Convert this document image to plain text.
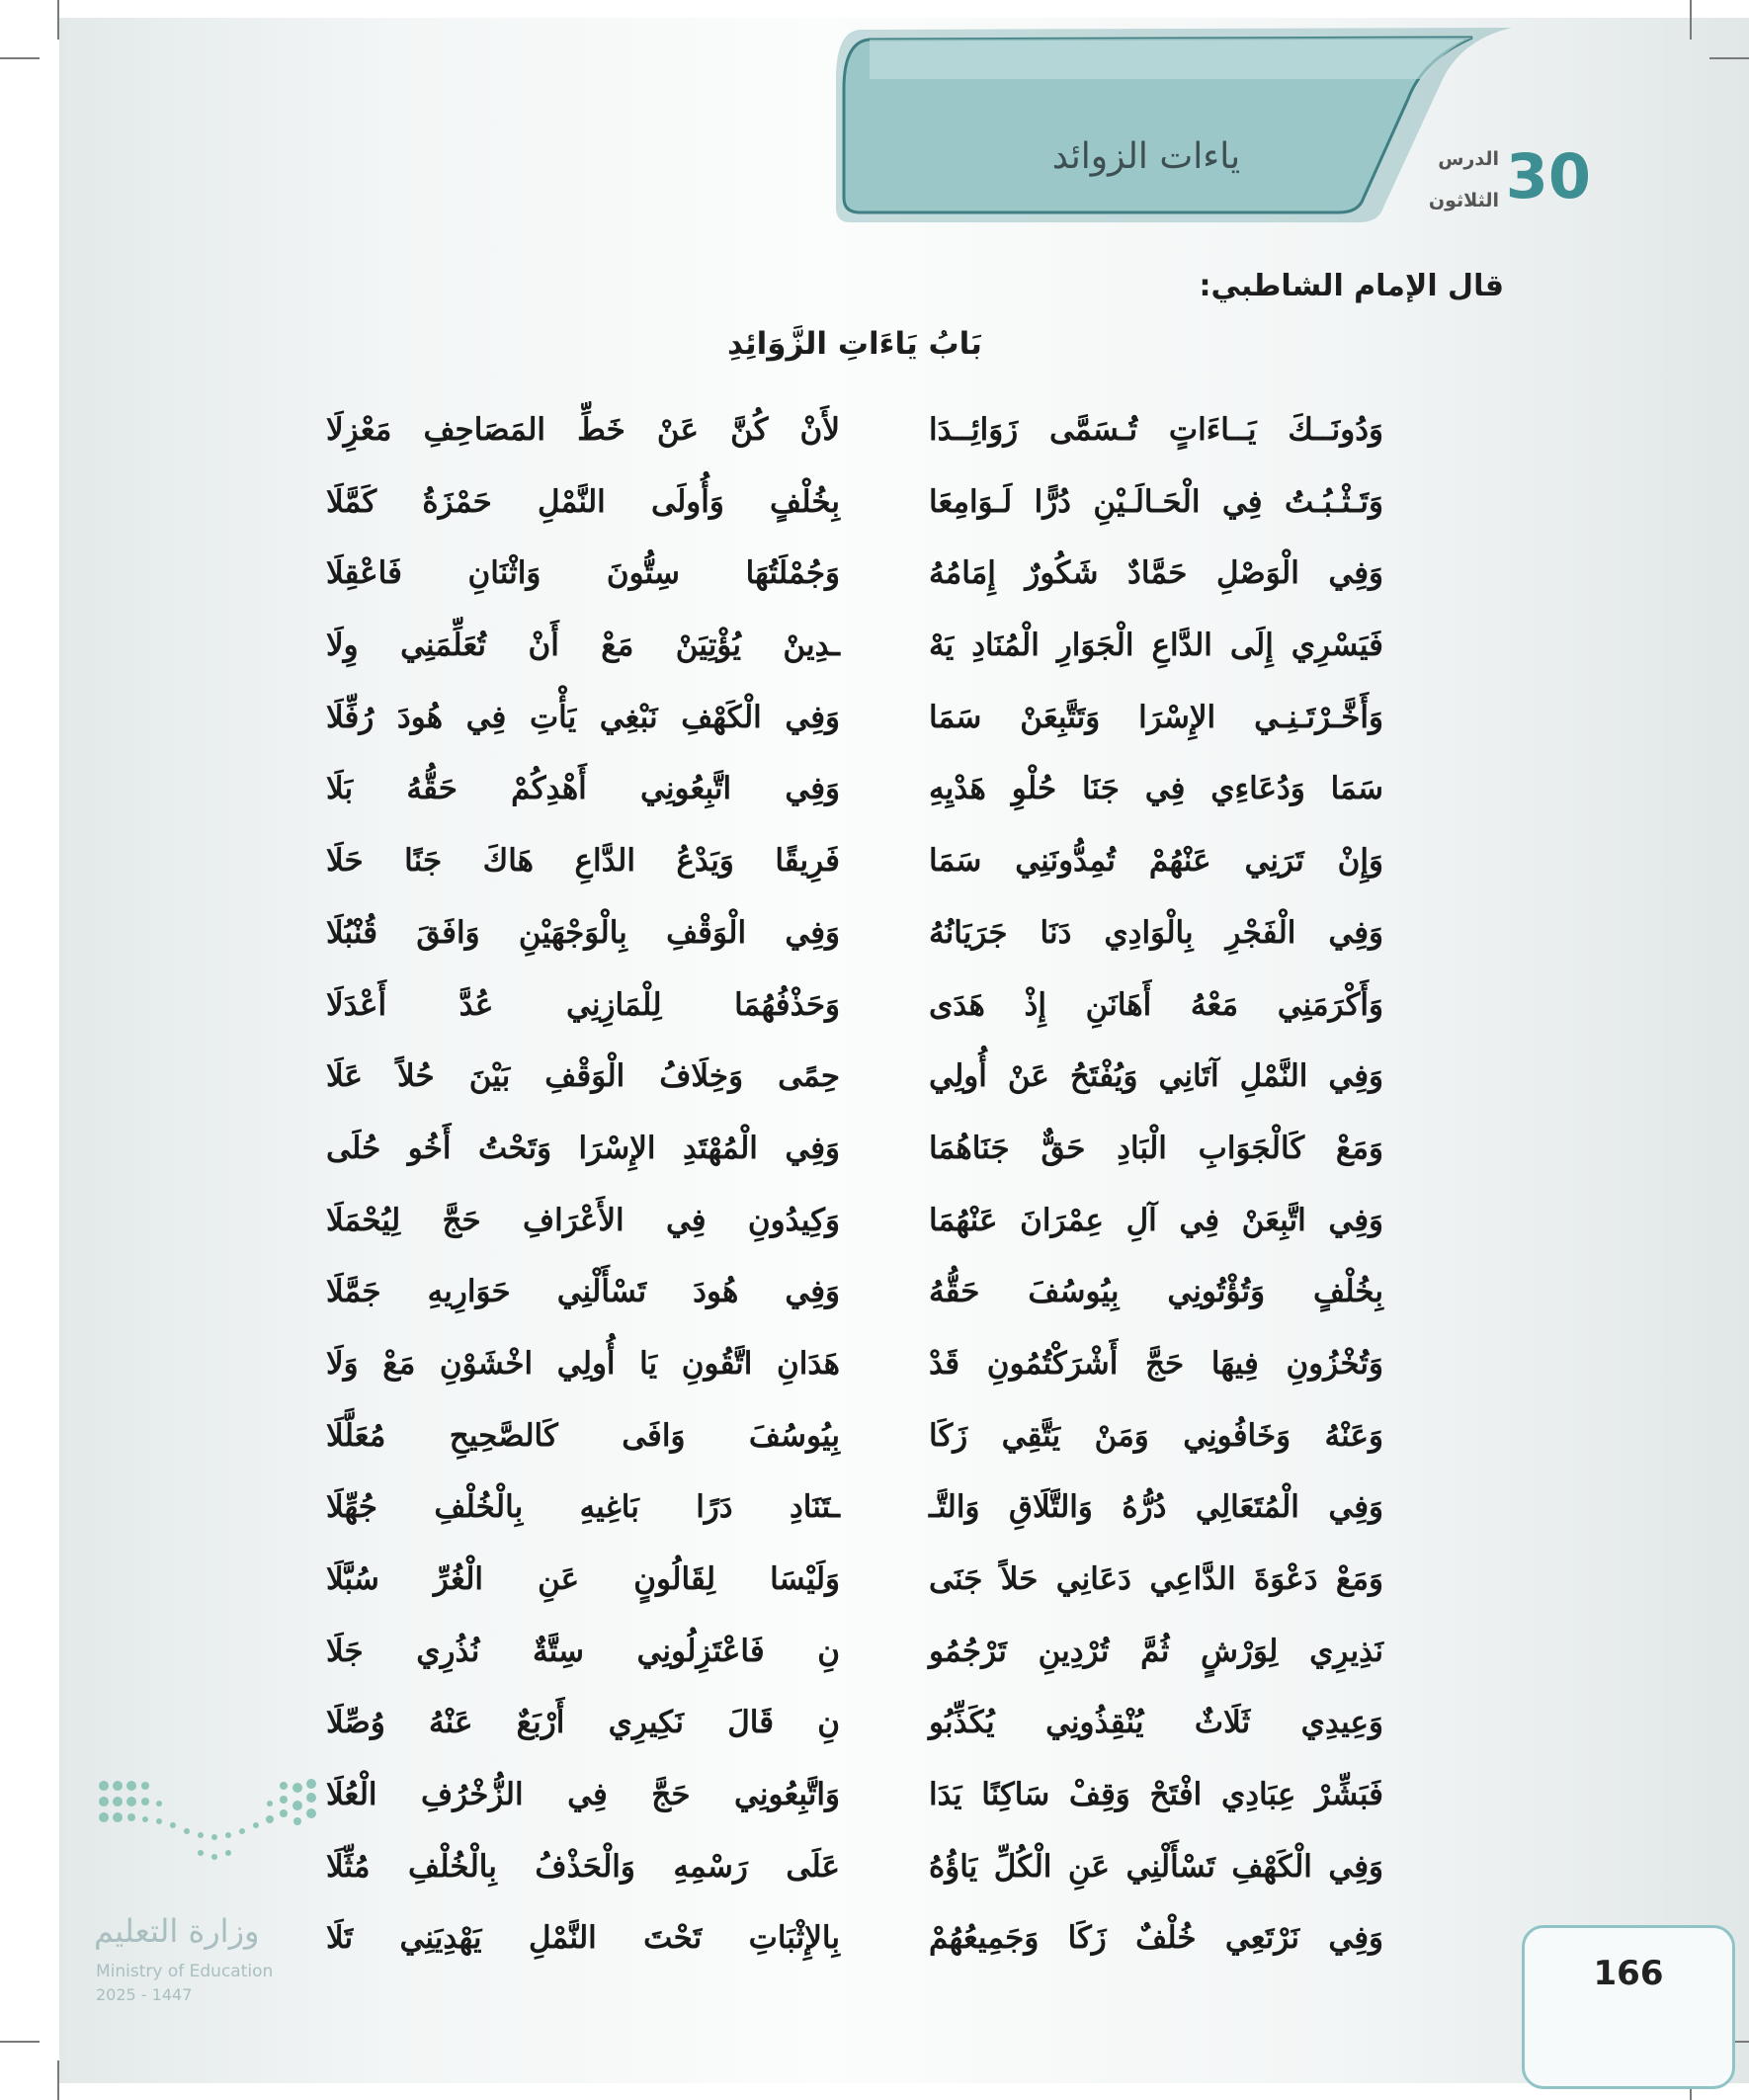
ياءات الزوائد	30
الدرس
الثلاثون
قال الإمام الشاطبي:
بَابُ يَاءَاتِ الزَّوَائِدِ
وَدُونَــكَ يَــاءَاتٍ تُـسَمَّى زَوَائِــدَا
لأَنْ كُنَّ عَنْ خَطِّ المَصَاحِفِ مَعْزِلَا
وَتَـثْـبُـتُ فِي الْحَـالَـيْنِ دُرًّا لَـوَامِعَا
بِخُلْفٍ وَأُولَى النَّمْلِ حَمْزَةُ كَمَّلَا
وَفِي الْوَصْلِ حَمَّادٌ شَكُورٌ إِمَامُهُ
وَجُمْلَتُهَا سِتُّونَ وَاثْنَانِ فَاعْقِلَا
فَيَسْرِي إِلَى الدَّاعِ الْجَوَارِ الْمُنَادِ يَهْ
ـدِينْ يُؤْتِيَنْ مَعْ أَنْ تُعَلِّمَنِي وِلَا
وَأَخَّـرْتَـنِـي الإِسْرَا وَتَتَّبِعَنْ سَمَا
وَفِي الْكَهْفِ نَبْغِي يَأْتِ فِي هُودَ رُفِّلَا
سَمَا وَدُعَاءِي فِي جَنَا حُلْوِ هَدْيِهِ
وَفِي اتَّبِعُونِي أَهْدِكُمْ حَقُّهُ بَلَا
وَإِنْ تَرَنِي عَنْهُمْ تُمِدُّونَنِي سَمَا
فَرِيقًا وَيَدْعُ الدَّاعِ هَاكَ جَنًا حَلَا
وَفِي الْفَجْرِ بِالْوَادِي دَنَا جَرَيَانُهُ
وَفِي الْوَقْفِ بِالْوَجْهَيْنِ وَافَقَ قُنْبُلَا
وَأَكْرَمَنِي مَعْهُ أَهَانَنِ إِذْ هَدَى
وَحَذْفُهُمَا لِلْمَازِنِي عُدَّ أَعْدَلَا
وَفِي النَّمْلِ آتَانِي وَيُفْتَحُ عَنْ أُولِي
حِمًى وَخِلَافُ الْوَقْفِ بَيْنَ حُلاً عَلَا
وَمَعْ كَالْجَوَابِ الْبَادِ حَقٌّ جَنَاهُمَا
وَفِي الْمُهْتَدِ الإِسْرَا وَتَحْتُ أَخُو حُلَى
وَفِي اتَّبِعَنْ فِي آلِ عِمْرَانَ عَنْهُمَا
وَكِيدُونِ فِي الأَعْرَافِ حَجَّ لِيُحْمَلَا
بِخُلْفٍ وَتُؤْتُونِي بِيُوسُفَ حَقُّهُ
وَفِي هُودَ تَسْأَلْنِي حَوَارِيهِ جَمَّلَا
وَتُخْزُونِ فِيهَا حَجَّ أَشْرَكْتُمُونِ قَدْ
هَدَانِ اتَّقُونِ يَا أُولِي اخْشَوْنِ مَعْ وَلَا
وَعَنْهُ وَخَافُونِي وَمَنْ يَتَّقِي زَكَا
بِيُوسُفَ وَافَى كَالصَّحِيحِ مُعَلَّلَا
وَفِي الْمُتَعَالِي دُرُّهُ وَالتَّلَاقِ وَالتَّـ
ـتَنَادِ دَرًا بَاغِيهِ بِالْخُلْفِ جُهِّلَا
وَمَعْ دَعْوَةَ الدَّاعِي دَعَانِي حَلاً جَنَى
وَلَيْسَا لِقَالُونٍ عَنِ الْغُرِّ سُبَّلَا
نَذِيرِي لِوَرْشٍ ثُمَّ تُرْدِينِ تَرْجُمُو
نِ فَاعْتَزِلُونِي سِتَّةٌ نُذُرِي جَلَا
وَعِيدِي ثَلَاثٌ يُنْقِذُونِي يُكَذِّبُو
نِ قَالَ نَكِيرِي أَرْبَعٌ عَنْهُ وُصِّلَا
فَبَشِّرْ عِبَادِي افْتَحْ وَقِفْ سَاكِنًا يَدَا
وَاتَّبِعُونِي حَجَّ فِي الزُّخْرُفِ الْعُلَا
وَفِي الْكَهْفِ تَسْأَلْنِي عَنِ الْكُلِّ يَاؤُهُ
عَلَى رَسْمِهِ وَالْحَذْفُ بِالْخُلْفِ مُثِّلَا
وَفِي نَرْتَعِي خُلْفٌ زَكَا وَجَمِيعُهُمْ
بِالإِثْبَاتِ تَحْتَ النَّمْلِ يَهْدِيَنِي تَلَا
وزارة التعليم
Ministry of Education
2025 - 1447
166
